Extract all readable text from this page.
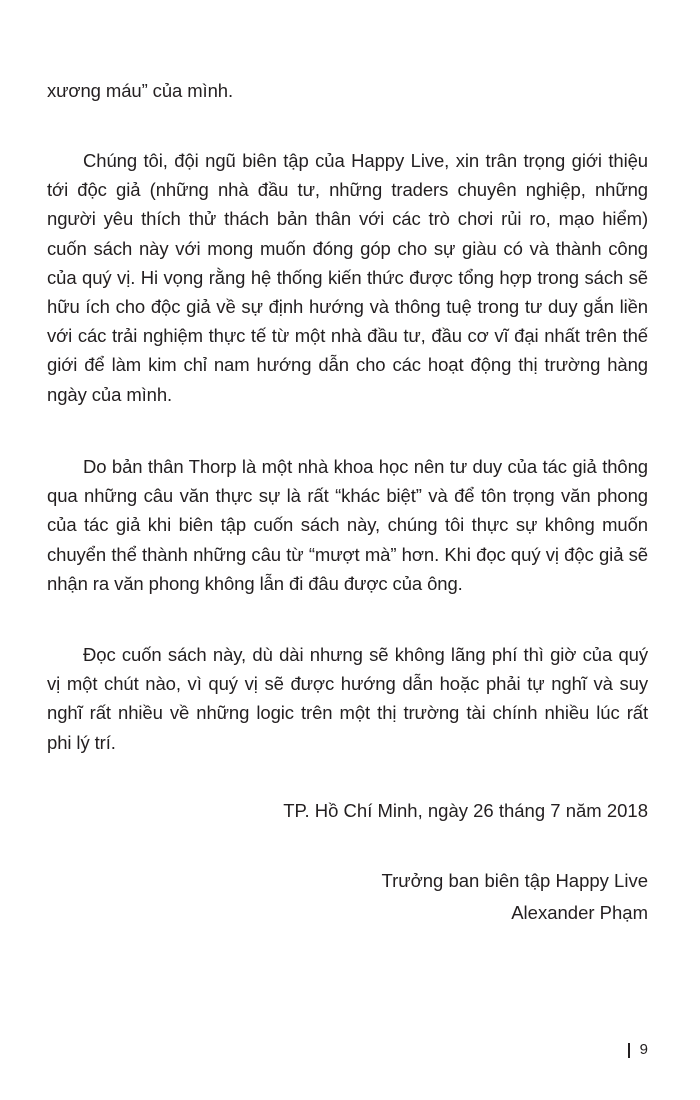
xương máu” của mình.

Chúng tôi, đội ngũ biên tập của Happy Live, xin trân trọng giới thiệu tới độc giả (những nhà đầu tư, những traders chuyên nghiệp, những người yêu thích thử thách bản thân với các trò chơi rủi ro, mạo hiểm) cuốn sách này với mong muốn đóng góp cho sự giàu có và thành công của quý vị. Hi vọng rằng hệ thống kiến thức được tổng hợp trong sách sẽ hữu ích cho độc giả về sự định hướng và thông tuệ trong tư duy gắn liền với các trải nghiệm thực tế từ một nhà đầu tư, đầu cơ vĩ đại nhất trên thế giới để làm kim chỉ nam hướng dẫn cho các hoạt động thị trường hàng ngày của mình.

Do bản thân Thorp là một nhà khoa học nên tư duy của tác giả thông qua những câu văn thực sự là rất “khác biệt” và để tôn trọng văn phong của tác giả khi biên tập cuốn sách này, chúng tôi thực sự không muốn chuyển thể thành những câu từ “mượt mà” hơn. Khi đọc quý vị độc giả sẽ nhận ra văn phong không lẫn đi đâu được của ông.

Đọc cuốn sách này, dù dài nhưng sẽ không lãng phí thì giờ của quý vị một chút nào, vì quý vị sẽ được hướng dẫn hoặc phải tự nghĩ và suy nghĩ rất nhiều về những logic trên một thị trường tài chính nhiều lúc rất phi lý trí.

TP. Hồ Chí Minh, ngày 26 tháng 7 năm 2018

Trưởng ban biên tập Happy Live

Alexander Phạm

9
